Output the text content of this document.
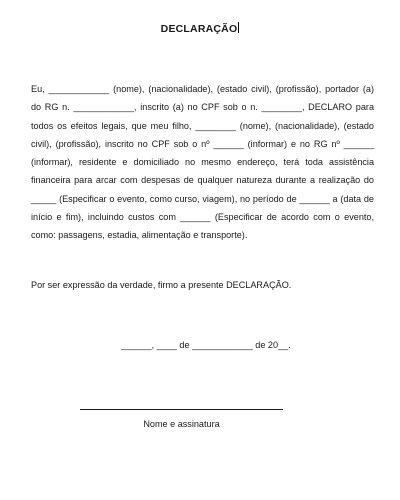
DECLARAÇÃO
Eu, ____________ (nome), (nacionalidade), (estado civil), (profissão), portador (a) do RG n. ____________, inscrito (a) no CPF sob o n. ________, DECLARO para todos os efeitos legais, que meu filho, ________ (nome), (nacionalidade), (estado civil), (profissão), inscrito no CPF sob o nº ______ (informar) e no RG nº ______ (informar), residente e domiciliado no mesmo endereço, terá toda assistência financeira para arcar com despesas de qualquer natureza durante a realização do _____ (Especificar o evento, como curso, viagem), no período de ______ a (data de início e fim), incluindo custos com ______ (Especificar de acordo com o evento, como: passagens, estadia, alimentação e transporte).
Por ser expressão da verdade, firmo a presente DECLARAÇÃO.
______, ____ de ____________ de 20__.
Nome e assinatura
